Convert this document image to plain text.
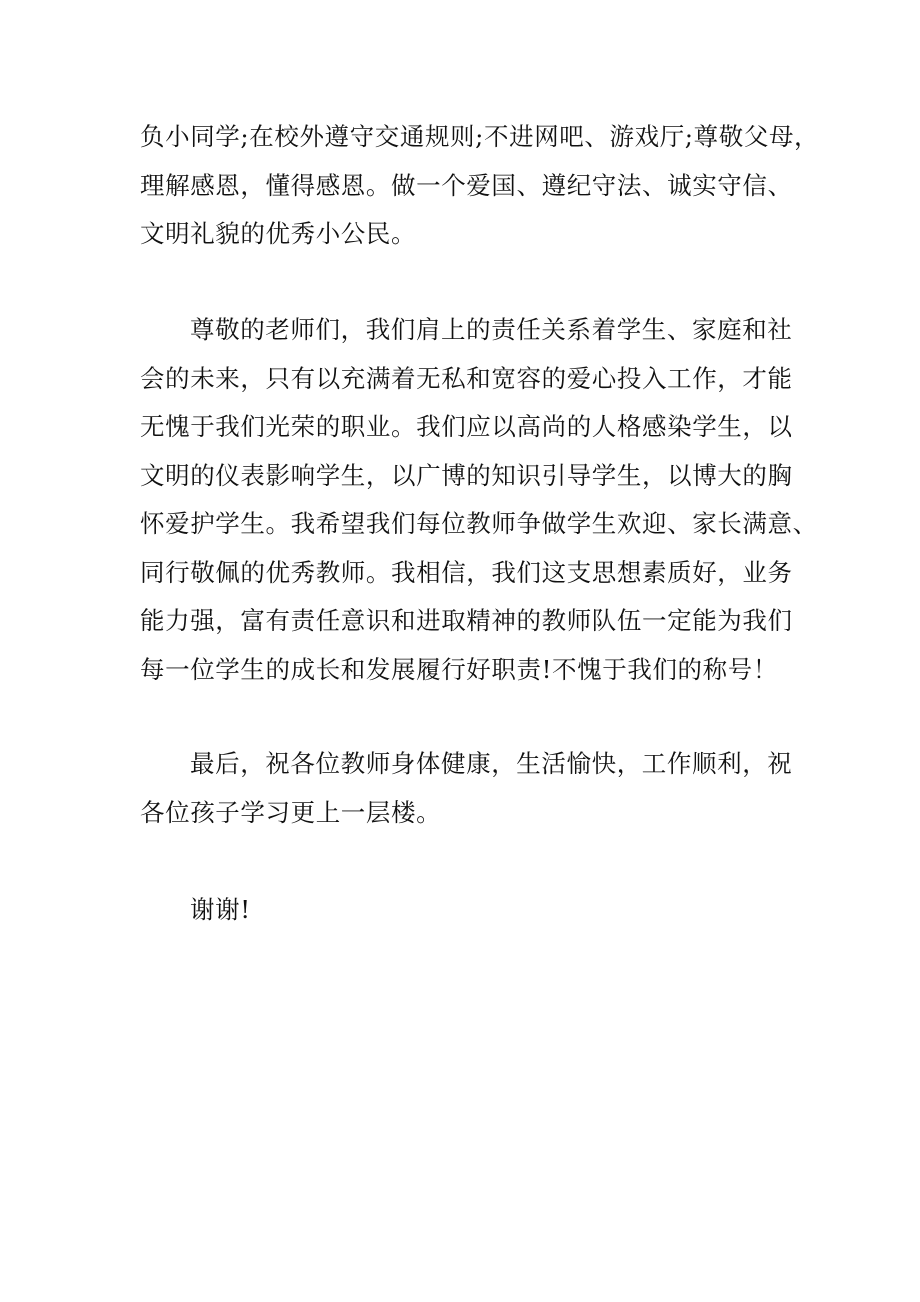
负小同学;在校外遵守交通规则;不进网吧、游戏厅;尊敬父母，
理解感恩，懂得感恩。做一个爱国、遵纪守法、诚实守信、
文明礼貌的优秀小公民。
尊敬的老师们，我们肩上的责任关系着学生、家庭和社
会的未来，只有以充满着无私和宽容的爱心投入工作，才能
无愧于我们光荣的职业。我们应以高尚的人格感染学生，以
文明的仪表影响学生，以广博的知识引导学生，以博大的胸
怀爱护学生。我希望我们每位教师争做学生欢迎、家长满意、
同行敬佩的优秀教师。我相信，我们这支思想素质好，业务
能力强，富有责任意识和进取精神的教师队伍一定能为我们
每一位学生的成长和发展履行好职责!不愧于我们的称号！
最后，祝各位教师身体健康，生活愉快，工作顺利，祝
各位孩子学习更上一层楼。
谢谢!
